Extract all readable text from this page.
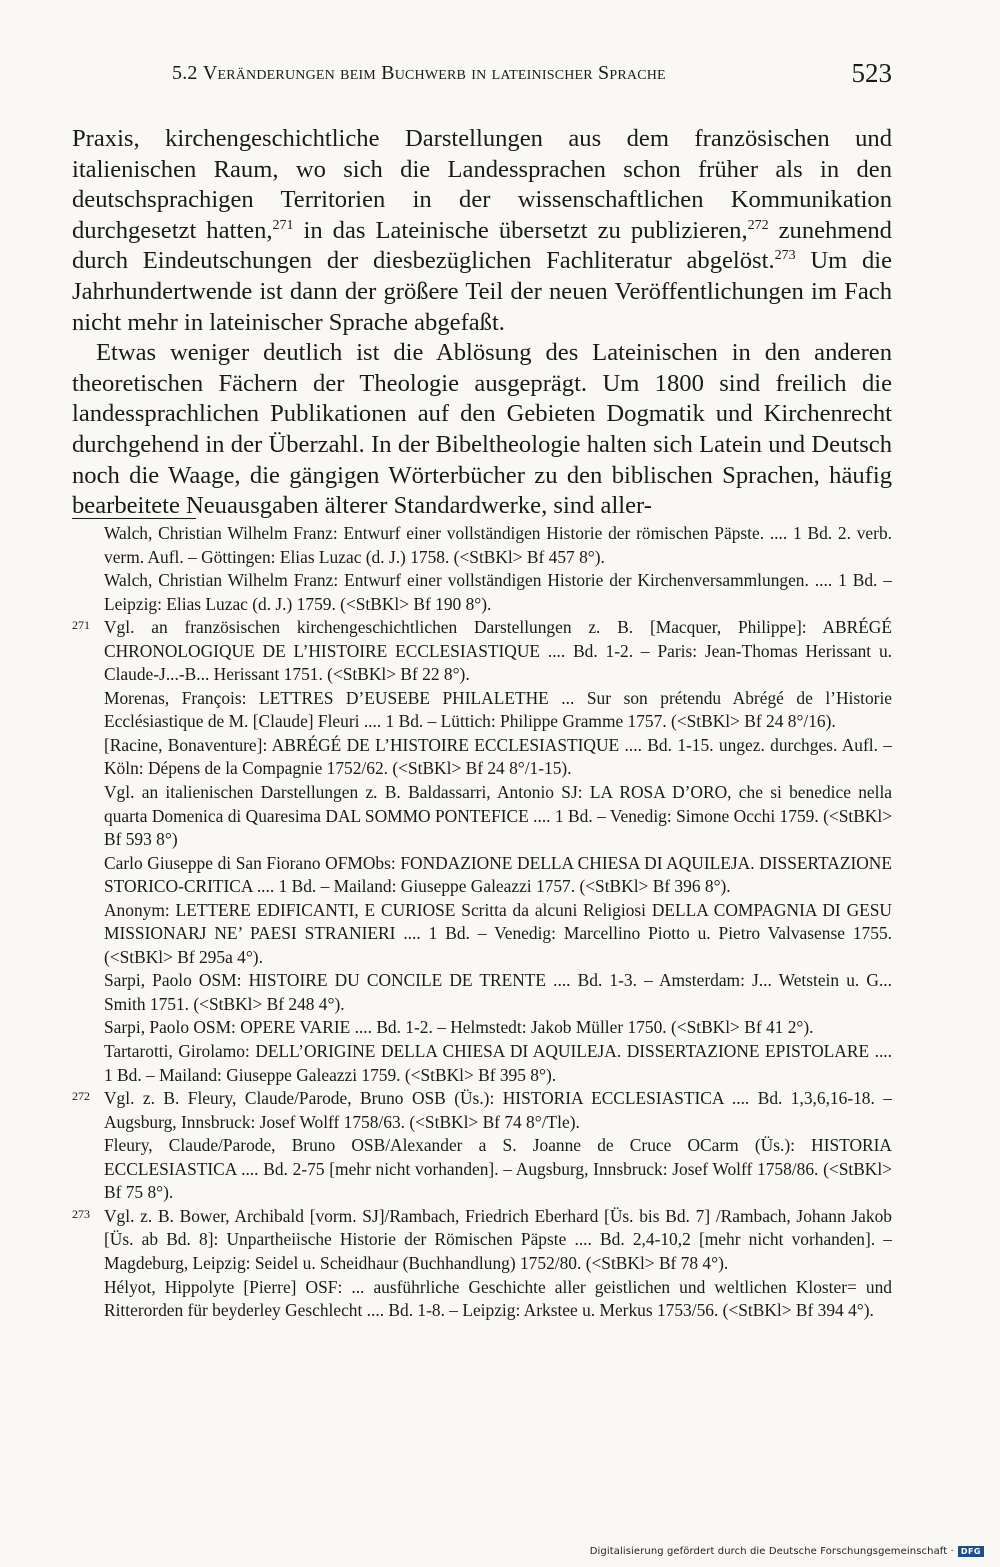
5.2 Veränderungen beim Buchwerb in lateinischer Sprache	523

Praxis, kirchengeschichtliche Darstellungen aus dem französischen und italienischen Raum, wo sich die Landessprachen schon früher als in den deutschsprachigen Territorien in der wissenschaftlichen Kommunikation durchgesetzt hatten,$^{271}$ in das Lateinische übersetzt zu publizieren,$^{272}$ zunehmend durch Eindeutschungen der diesbezüglichen Fachliteratur abgelöst.$^{273}$ Um die Jahrhundertwende ist dann der größere Teil der neuen Veröffentlichungen im Fach nicht mehr in lateinischer Sprache abgefaßt.

Etwas weniger deutlich ist die Ablösung des Lateinischen in den anderen theoretischen Fächern der Theologie ausgeprägt. Um 1800 sind freilich die landessprachlichen Publikationen auf den Gebieten Dogmatik und Kirchenrecht durchgehend in der Überzahl. In der Bibeltheologie halten sich Latein und Deutsch noch die Waage, die gängigen Wörterbücher zu den biblischen Sprachen, häufig bearbeitete Neuausgaben älterer Standardwerke, sind aller-

Walch, Christian Wilhelm Franz: Entwurf einer vollständigen Historie der römischen Päpste. .... 1 Bd. 2. verb. verm. Aufl. – Göttingen: Elias Luzac (d. J.) 1758. (<StBKl> Bf 457 8°).
Walch, Christian Wilhelm Franz: Entwurf einer vollständigen Historie der Kirchenversammlungen. .... 1 Bd. – Leipzig: Elias Luzac (d. J.) 1759. (<StBKl> Bf 190 8°).
271 Vgl. an französischen kirchengeschichtlichen Darstellungen z. B. [Macquer, Philippe]: ABRÉGÉ CHRONOLOGIQUE DE L’HISTOIRE ECCLESIASTIQUE .... Bd. 1-2. – Paris: Jean-Thomas Herissant u. Claude-J...-B... Herissant 1751. (<StBKl> Bf 22 8°).
Morenas, François: LETTRES D’EUSEBE PHILALETHE ... Sur son prétendu Abrégé de l’Historie Ecclésiastique de M. [Claude] Fleuri .... 1 Bd. – Lüttich: Philippe Gramme 1757. (<StBKl> Bf 24 8°/16).
[Racine, Bonaventure]: ABRÉGÉ DE L’HISTOIRE ECCLESIASTIQUE .... Bd. 1-15. ungez. durchges. Aufl. – Köln: Dépens de la Compagnie 1752/62. (<StBKl> Bf 24 8°/1-15).
Vgl. an italienischen Darstellungen z. B. Baldassarri, Antonio SJ: LA ROSA D’ORO, che si benedice nella quarta Domenica di Quaresima DAL SOMMO PONTEFICE .... 1 Bd. – Venedig: Simone Occhi 1759. (<StBKl> Bf 593 8°)
Carlo Giuseppe di San Fiorano OFMObs: FONDAZIONE DELLA CHIESA DI AQUILEJA. DISSERTAZIONE STORICO-CRITICA .... 1 Bd. – Mailand: Giuseppe Galeazzi 1757. (<StBKl> Bf 396 8°).
Anonym: LETTERE EDIFICANTI, E CURIOSE Scritta da alcuni Religiosi DELLA COMPAGNIA DI GESU MISSIONARJ NE’ PAESI STRANIERI .... 1 Bd. – Venedig: Marcellino Piotto u. Pietro Valvasense 1755. (<StBKl> Bf 295a 4°).
Sarpi, Paolo OSM: HISTOIRE DU CONCILE DE TRENTE .... Bd. 1-3. – Amsterdam: J... Wetstein u. G... Smith 1751. (<StBKl> Bf 248 4°).
Sarpi, Paolo OSM: OPERE VARIE .... Bd. 1-2. – Helmstedt: Jakob Müller 1750. (<StBKl> Bf 41 2°).
Tartarotti, Girolamo: DELL’ORIGINE DELLA CHIESA DI AQUILEJA. DISSERTAZIONE EPISTOLARE .... 1 Bd. – Mailand: Giuseppe Galeazzi 1759. (<StBKl> Bf 395 8°).
272 Vgl. z. B. Fleury, Claude/Parode, Bruno OSB (Üs.): HISTORIA ECCLESIASTICA .... Bd. 1,3,6,16-18. – Augsburg, Innsbruck: Josef Wolff 1758/63. (<StBKl> Bf 74 8°/Tle).
Fleury, Claude/Parode, Bruno OSB/Alexander a S. Joanne de Cruce OCarm (Üs.): HISTORIA ECCLESIASTICA .... Bd. 2-75 [mehr nicht vorhanden]. – Augsburg, Innsbruck: Josef Wolff 1758/86. (<StBKl> Bf 75 8°).
273 Vgl. z. B. Bower, Archibald [vorm. SJ]/Rambach, Friedrich Eberhard [Üs. bis Bd. 7] /Rambach, Johann Jakob [Üs. ab Bd. 8]: Unpartheiische Historie der Römischen Päpste .... Bd. 2,4-10,2 [mehr nicht vorhanden]. – Magdeburg, Leipzig: Seidel u. Scheidhaur (Buchhandlung) 1752/80. (<StBKl> Bf 78 4°).
Hélyot, Hippolyte [Pierre] OSF: ... ausführliche Geschichte aller geistlichen und weltlichen Kloster= und Ritterorden für beyderley Geschlecht .... Bd. 1-8. – Leipzig: Arkstee u. Merkus 1753/56. (<StBKl> Bf 394 4°).
Digitalisierung gefördert durch die Deutsche Forschungsgemeinschaft · DFG
